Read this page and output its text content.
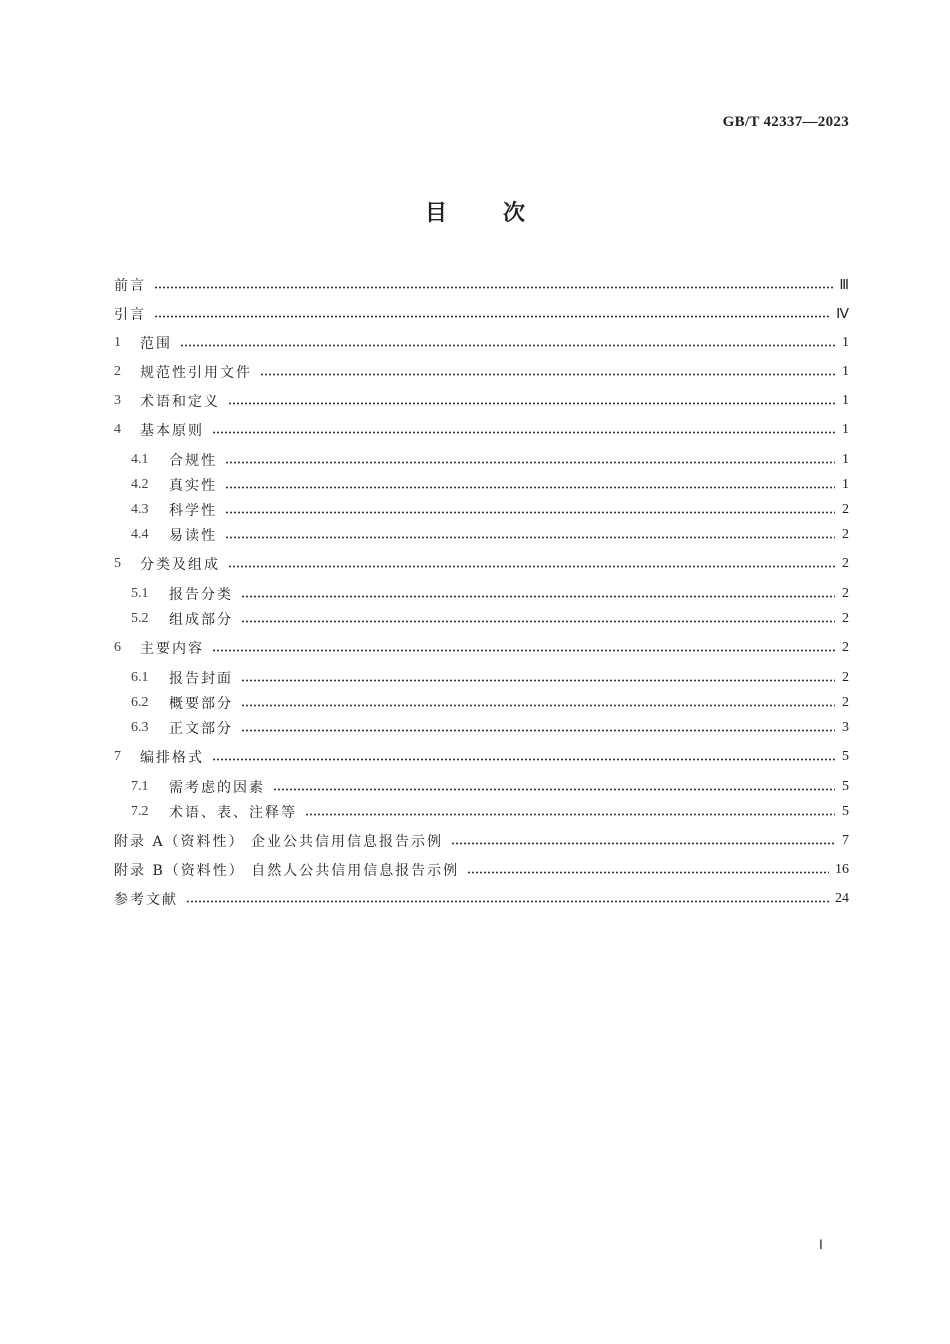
GB/T 42337—2023
目	次
前言	Ⅲ
引言	Ⅳ
1	范围	1
2	规范性引用文件	1
3	术语和定义	1
4	基本原则	1
4.1	合规性	1
4.2	真实性	1
4.3	科学性	2
4.4	易读性	2
5	分类及组成	2
5.1	报告分类	2
5.2	组成部分	2
6	主要内容	2
6.1	报告封面	2
6.2	概要部分	2
6.3	正文部分	3
7	编排格式	5
7.1	需考虑的因素	5
7.2	术语、表、注释等	5
附录 A（资料性） 企业公共信用信息报告示例	7
附录 B（资料性） 自然人公共信用信息报告示例	16
参考文献	24
Ⅰ
